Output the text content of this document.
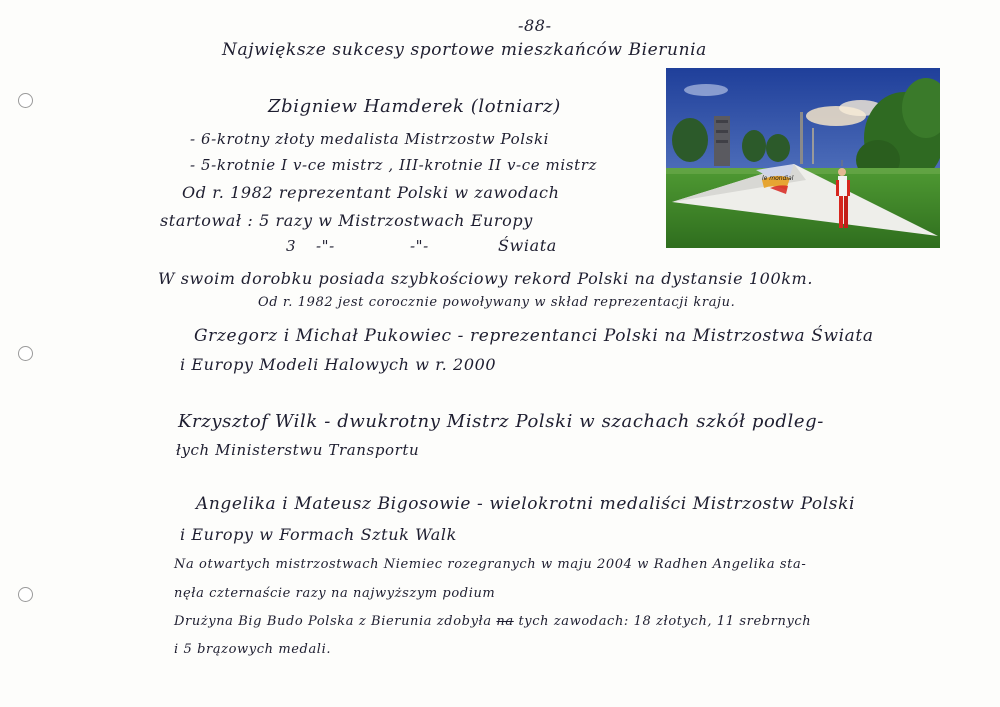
-88-
Największe sukcesy sportowe mieszkańców Bierunia
Zbigniew Hamderek (lotniarz)
- 6-krotny złoty medalista Mistrzostw Polski
- 5-krotnie I v-ce mistrz , III-krotnie II v-ce mistrz
Od r. 1982 reprezentant Polski w zawodach
startował : 5 razy w Mistrzostwach Europy
3 -"-	-"-	Świata
W swoim dorobku posiada szybkościowy rekord Polski na dystansie 100km.
Od r. 1982 jest corocznie powoływany w skład reprezentacji kraju.
le mondial
Grzegorz i Michał Pukowiec - reprezentanci Polski na Mistrzostwa Świata
i Europy Modeli Halowych w r. 2000
Krzysztof Wilk - dwukrotny Mistrz Polski w szachach szkół podleg-
łych Ministerstwu Transportu
Angelika i Mateusz Bigosowie - wielokrotni medaliści Mistrzostw Polski
i Europy w Formach Sztuk Walk
Na otwartych mistrzostwach Niemiec rozegranych w maju 2004 w Radhen Angelika sta-
nęła czternaście razy na najwyższym podium
Drużyna Big Budo Polska z Bierunia zdobyła na tych zawodach: 18 złotych, 11 srebrnych
i 5 brązowych medali.
